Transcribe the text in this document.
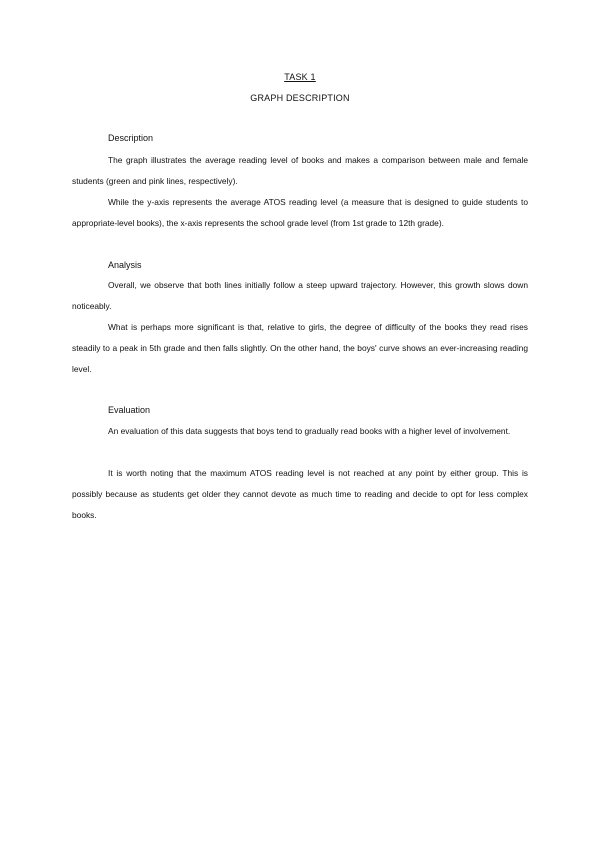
TASK 1
GRAPH DESCRIPTION
Description

The graph illustrates the average reading level of books and makes a comparison between male and female students (green and pink lines, respectively).

While the y-axis represents the average ATOS reading level (a measure that is designed to guide students to appropriate-level books), the x-axis represents the school grade level (from 1st grade to 12th grade).

Analysis

Overall, we observe that both lines initially follow a steep upward trajectory. However, this growth slows down noticeably.

What is perhaps more significant is that, relative to girls, the degree of difficulty of the books they read rises steadily to a peak in 5th grade and then falls slightly. On the other hand, the boys' curve shows an ever-increasing reading level.

Evaluation

An evaluation of this data suggests that boys tend to gradually read books with a higher level of involvement.

It is worth noting that the maximum ATOS reading level is not reached at any point by either group. This is possibly because as students get older they cannot devote as much time to reading and decide to opt for less complex books.
